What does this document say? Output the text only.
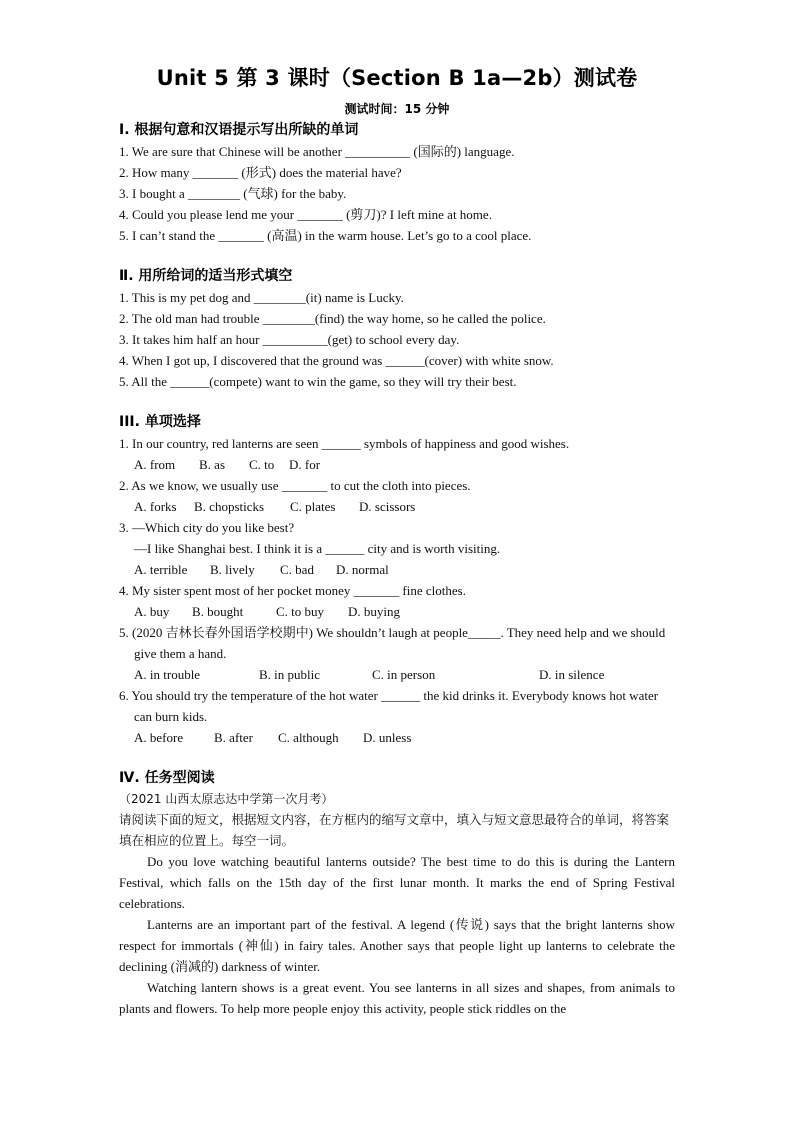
Unit 5 第 3 课时（Section B 1a—2b）测试卷
测试时间：15 分钟
Ⅰ. 根据句意和汉语提示写出所缺的单词
1. We are sure that Chinese will be another __________ (国际的) language.
2. How many _______ (形式) does the material have?
3. I bought a ________ (气球) for the baby.
4. Could you please lend me your _______ (剪刀)? I left mine at home.
5. I can’t stand the _______ (高温) in the warm house. Let’s go to a cool place.
Ⅱ. 用所给词的适当形式填空
1. This is my pet dog and ________(it) name is Lucky.
2. The old man had trouble ________(find) the way home, so he called the police.
3. It takes him half an hour __________(get) to school every day.
4. When I got up, I discovered that the ground was ______(cover) with white snow.
5. All the ______(compete) want to win the game, so they will try their best.
III. 单项选择
1. In our country, red lanterns are seen ______ symbols of happiness and good wishes.
A. from	B. as	C. to	D. for
2. As we know, we usually use _______ to cut the cloth into pieces.
A. forks	B. chopsticks	C. plates	D. scissors
3. —Which city do you like best?
—I like Shanghai best. I think it is a ______ city and is worth visiting.
A. terrible	B. lively	C. bad	D. normal
4. My sister spent most of her pocket money _______ fine clothes.
A. buy	B. bought	C. to buy	D. buying
5. (2020 吉林长春外国语学校期中) We shouldn’t laugh at people_____. They need help and we should give them a hand.
A. in trouble	B. in public	C. in person	D. in silence
6. You should try the temperature of the hot water ______ the kid drinks it. Everybody knows hot water can burn kids.
A. before	B. after	C. although	D. unless
Ⅳ. 任务型阅读
（2021 山西太原志达中学第一次月考）
请阅读下面的短文，根据短文内容，在方框内的缩写文章中，填入与短文意思最符合的单词，将答案填在相应的位置上。每空一词。

Do you love watching beautiful lanterns outside? The best time to do this is during the Lantern Festival, which falls on the 15th day of the first lunar month. It marks the end of Spring Festival celebrations.

Lanterns are an important part of the festival. A legend (传说) says that the bright lanterns show respect for immortals (神仙) in fairy tales. Another says that people light up lanterns to celebrate the declining (消减的) darkness of winter.

Watching lantern shows is a great event. You see lanterns in all sizes and shapes, from animals to plants and flowers. To help more people enjoy this activity, people stick riddles on the
